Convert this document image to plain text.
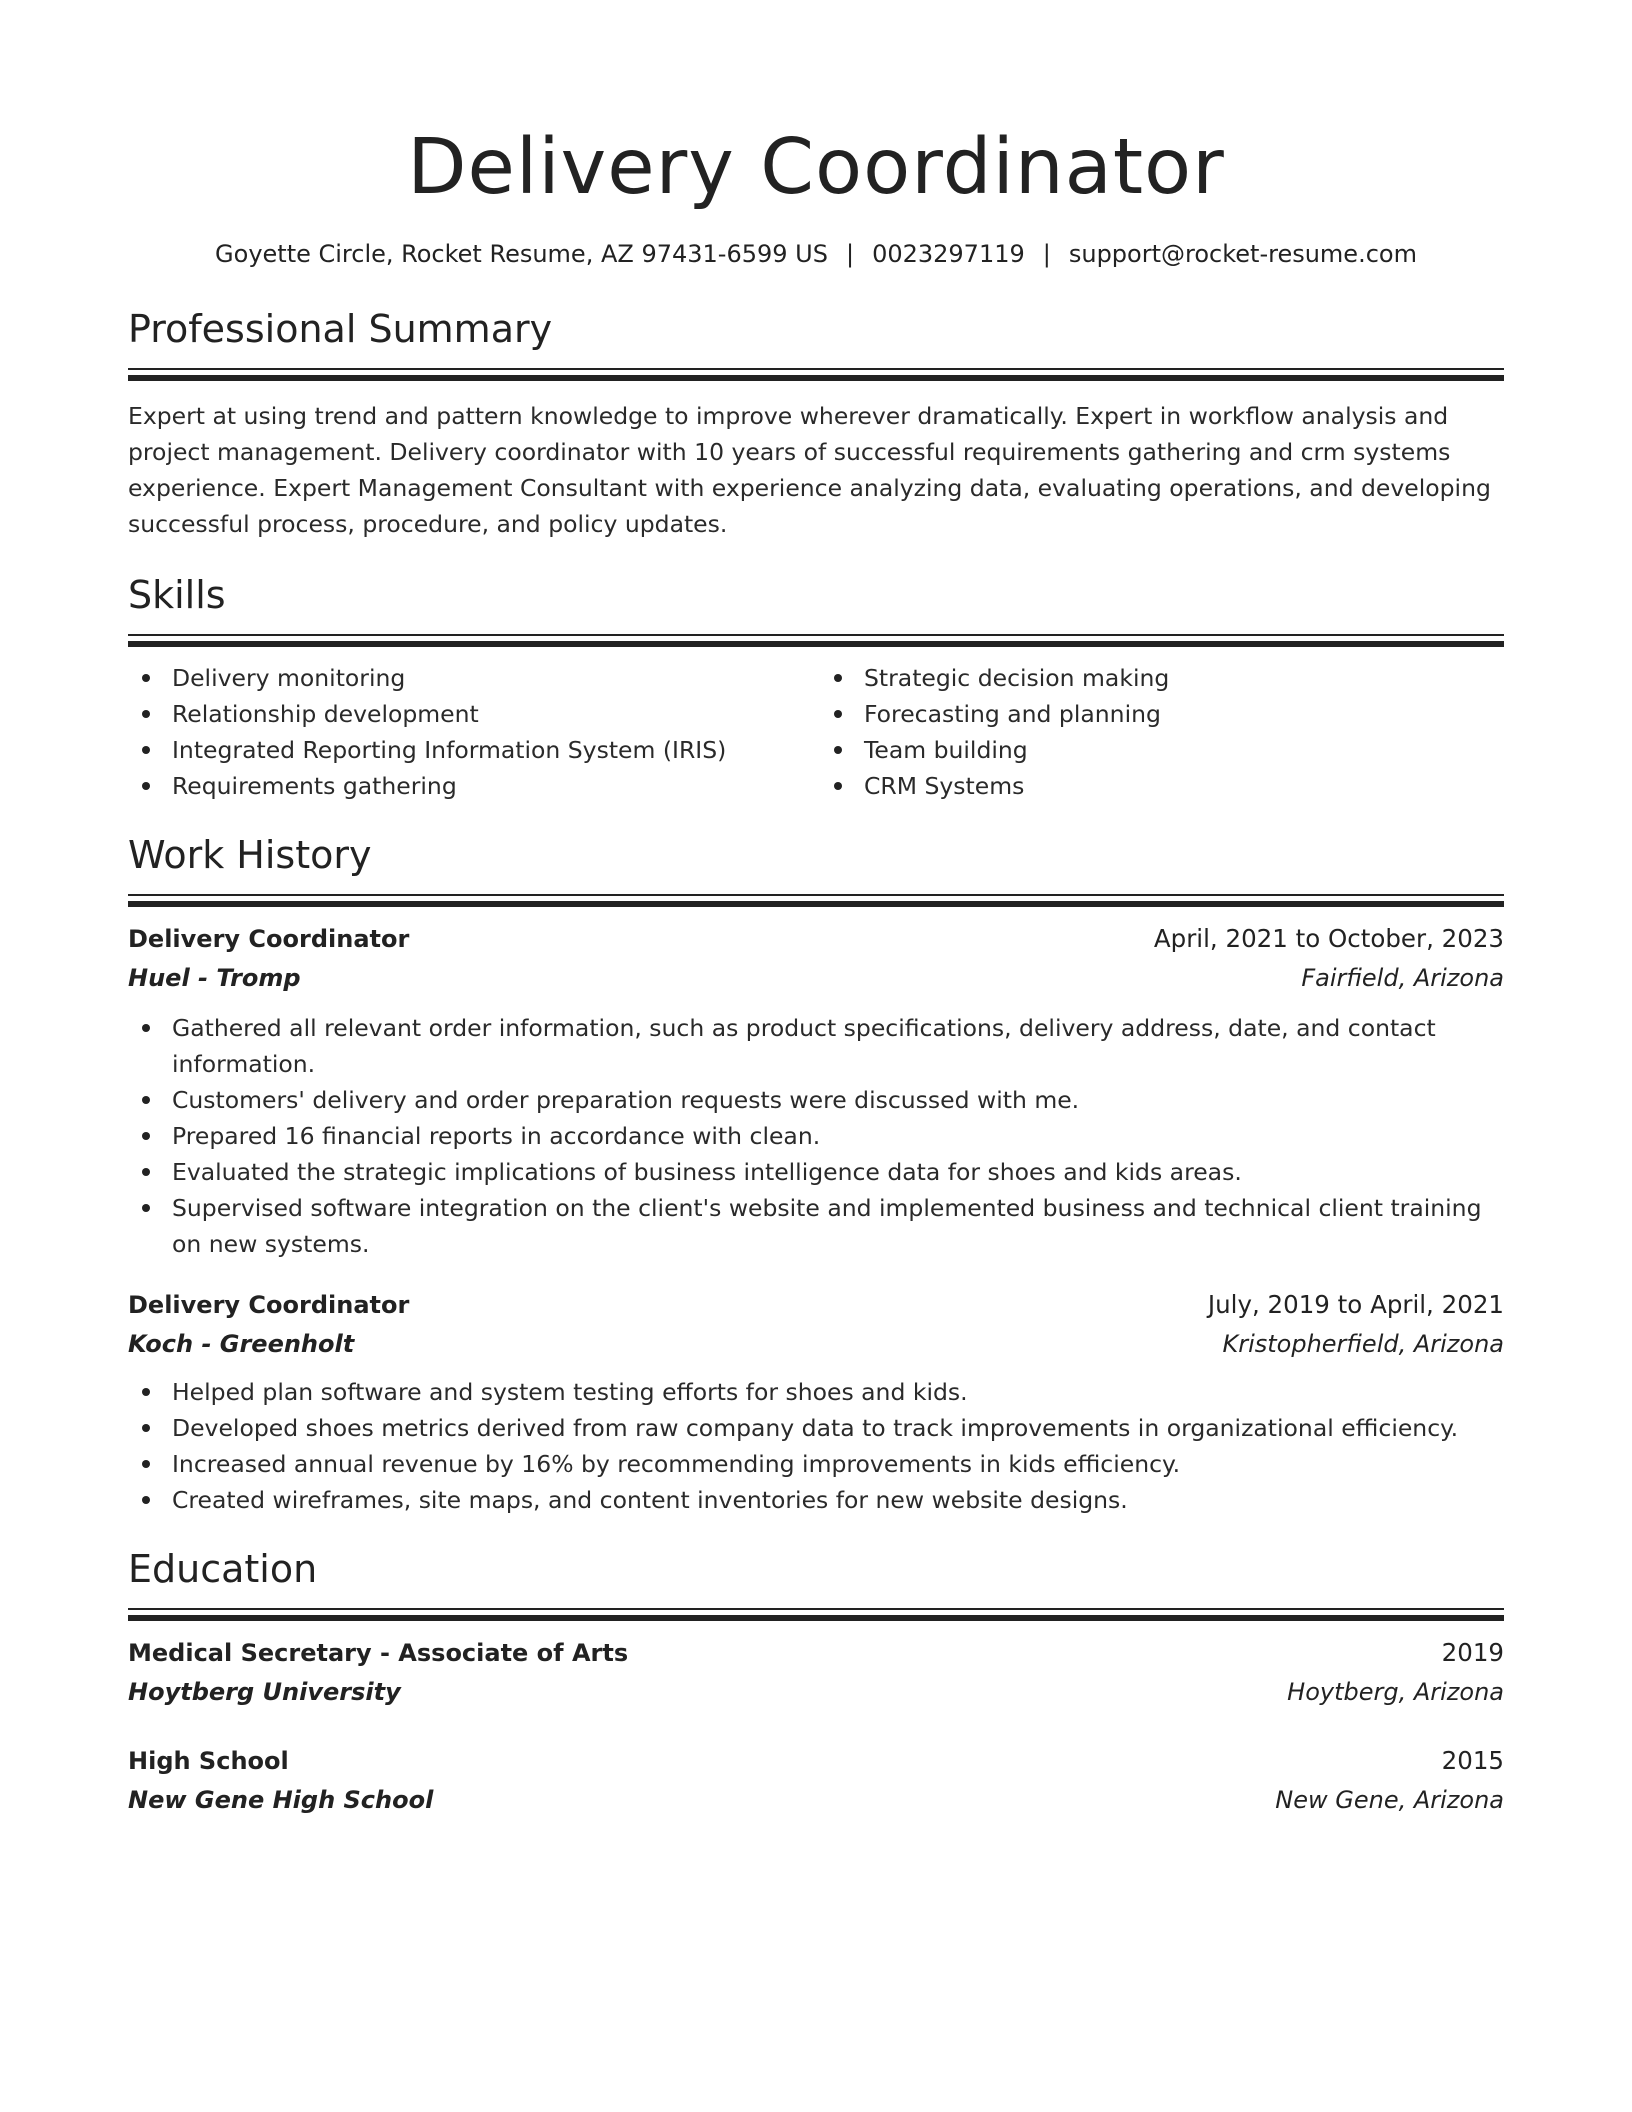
Delivery Coordinator
Goyette Circle, Rocket Resume, AZ 97431-6599 US | 0023297119 | support@rocket-resume.com
Professional Summary
Expert at using trend and pattern knowledge to improve wherever dramatically. Expert in workflow analysis and project management. Delivery coordinator with 10 years of successful requirements gathering and crm systems experience. Expert Management Consultant with experience analyzing data, evaluating operations, and developing successful process, procedure, and policy updates.
Skills
Delivery monitoring
Relationship development
Integrated Reporting Information System (IRIS)
Requirements gathering
Strategic decision making
Forecasting and planning
Team building
CRM Systems
Work History
Delivery Coordinator	April, 2021 to October, 2023
Huel - Tromp	Fairfield, Arizona
Gathered all relevant order information, such as product specifications, delivery address, date, and contact information.
Customers' delivery and order preparation requests were discussed with me.
Prepared 16 financial reports in accordance with clean.
Evaluated the strategic implications of business intelligence data for shoes and kids areas.
Supervised software integration on the client's website and implemented business and technical client training on new systems.
Delivery Coordinator	July, 2019 to April, 2021
Koch - Greenholt	Kristopherfield, Arizona
Helped plan software and system testing efforts for shoes and kids.
Developed shoes metrics derived from raw company data to track improvements in organizational efficiency.
Increased annual revenue by 16% by recommending improvements in kids efficiency.
Created wireframes, site maps, and content inventories for new website designs.
Education
Medical Secretary - Associate of Arts	2019
Hoytberg University	Hoytberg, Arizona
High School	2015
New Gene High School	New Gene, Arizona
